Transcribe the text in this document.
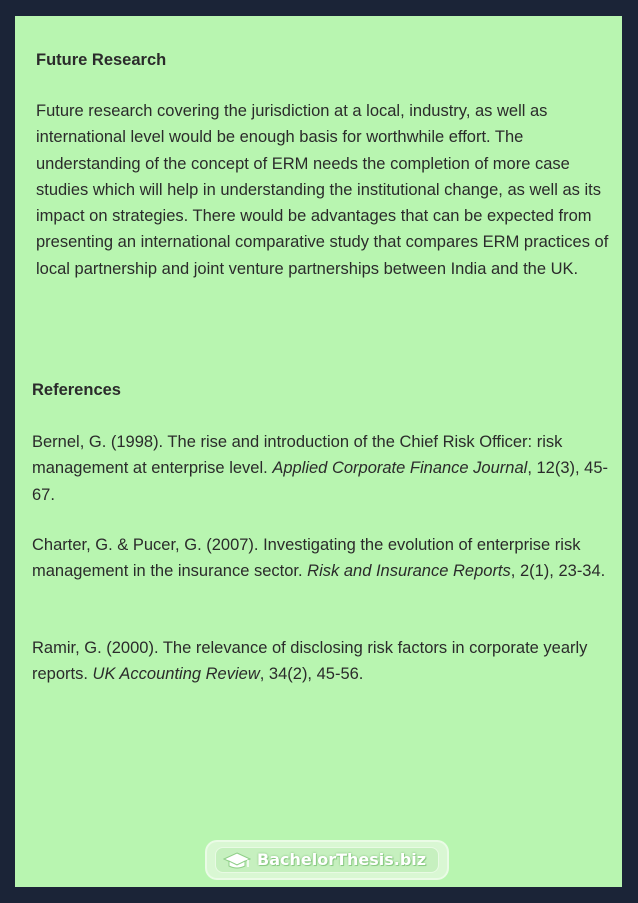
Future Research

Future research covering the jurisdiction at a local, industry, as well as international level would be enough basis for worthwhile effort. The understanding of the concept of ERM needs the completion of more case studies which will help in understanding the institutional change, as well as its impact on strategies. There would be advantages that can be expected from presenting an international comparative study that compares ERM practices of local partnership and joint venture partnerships between India and the UK.

References

Bernel, G. (1998). The rise and introduction of the Chief Risk Officer: risk management at enterprise level. Applied Corporate Finance Journal, 12(3), 45-67.

Charter, G. & Pucer, G. (2007). Investigating the evolution of enterprise risk management in the insurance sector. Risk and Insurance Reports, 2(1), 23-34.

Ramir, G. (2000). The relevance of disclosing risk factors in corporate yearly reports. UK Accounting Review, 34(2), 45-56.

BachelorThesis.biz
